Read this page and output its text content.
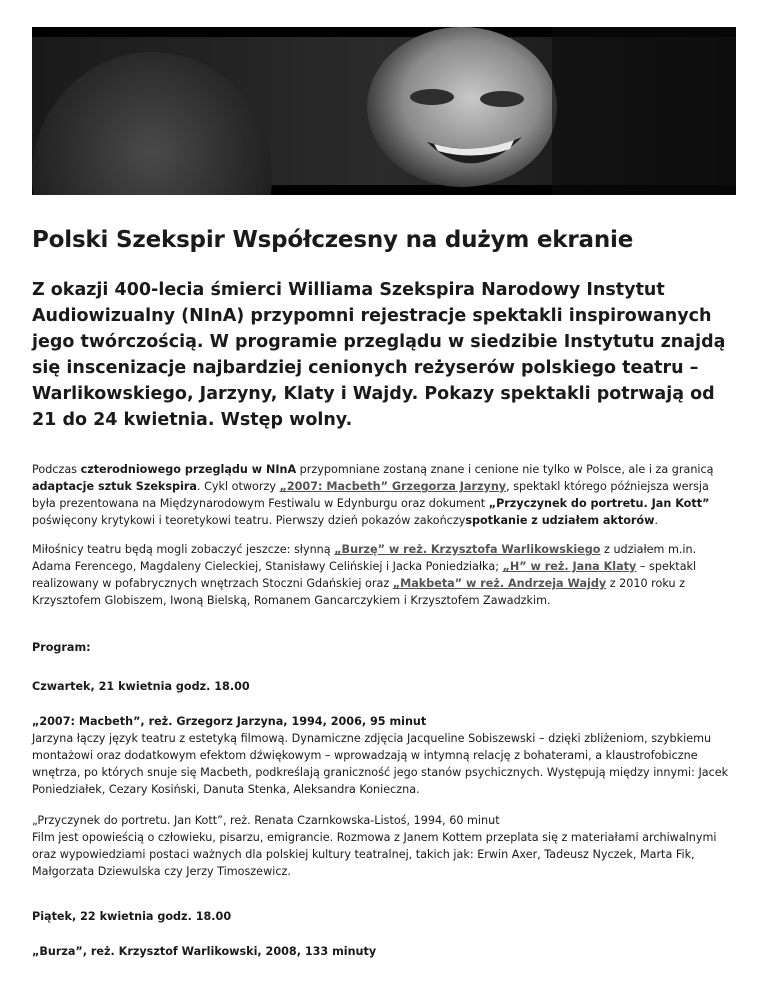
Polski Szekspir Współczesny na dużym ekranie

Z okazji 400-lecia śmierci Williama Szekspira Narodowy Instytut Audiowizualny (NInA) przypomni rejestracje spektakli inspirowanych jego twórczością. W programie przeglądu w siedzibie Instytutu znajdą się inscenizacje najbardziej cenionych reżyserów polskiego teatru – Warlikowskiego, Jarzyny, Klaty i Wajdy. Pokazy spektakli potrwają od 21 do 24 kwietnia. Wstęp wolny.

Podczas czterodniowego przeglądu w NInA przypomniane zostaną znane i cenione nie tylko w Polsce, ale i za granicą adaptacje sztuk Szekspira. Cykl otworzy „2007: Macbeth” Grzegorza Jarzyny, spektakl którego późniejsza wersja była prezentowana na Międzynarodowym Festiwalu w Edynburgu oraz dokument „Przyczynek do portretu. Jan Kott” poświęcony krytykowi i teoretykowi teatru. Pierwszy dzień pokazów zakończyspotkanie z udziałem aktorów.

Miłośnicy teatru będą mogli zobaczyć jeszcze: słynną „Burzę” w reż. Krzysztofa Warlikowskiego z udziałem m.in. Adama Ferencego, Magdaleny Cieleckiej, Stanisławy Celińskiej i Jacka Poniedziałka; „H” w reż. Jana Klaty – spektakl realizowany w pofabrycznych wnętrzach Stoczni Gdańskiej oraz „Makbeta” w reż. Andrzeja Wajdy z 2010 roku z Krzysztofem Globiszem, Iwoną Bielską, Romanem Gancarczykiem i Krzysztofem Zawadzkim.

Program:

Czwartek, 21 kwietnia godz. 18.00

„2007: Macbeth”, reż. Grzegorz Jarzyna, 1994, 2006, 95 minut

Jarzyna łączy język teatru z estetyką filmową. Dynamiczne zdjęcia Jacqueline Sobiszewski – dzięki zbliżeniom, szybkiemu montażowi oraz dodatkowym efektom dźwiękowym – wprowadzają w intymną relację z bohaterami, a klaustrofobiczne wnętrza, po których snuje się Macbeth, podkreślają graniczność jego stanów psychicznych. Występują między innymi: Jacek Poniedziałek, Cezary Kosiński, Danuta Stenka, Aleksandra Konieczna.

„Przyczynek do portretu. Jan Kott”, reż. Renata Czarnkowska-Listoś, 1994, 60 minut

Film jest opowieścią o człowieku, pisarzu, emigrancie. Rozmowa z Janem Kottem przeplata się z materiałami archiwalnymi oraz wypowiedziami postaci ważnych dla polskiej kultury teatralnej, takich jak: Erwin Axer, Tadeusz Nyczek, Marta Fik, Małgorzata Dziewulska czy Jerzy Timoszewicz.

Piątek, 22 kwietnia godz. 18.00

„Burza”, reż. Krzysztof Warlikowski, 2008, 133 minuty
